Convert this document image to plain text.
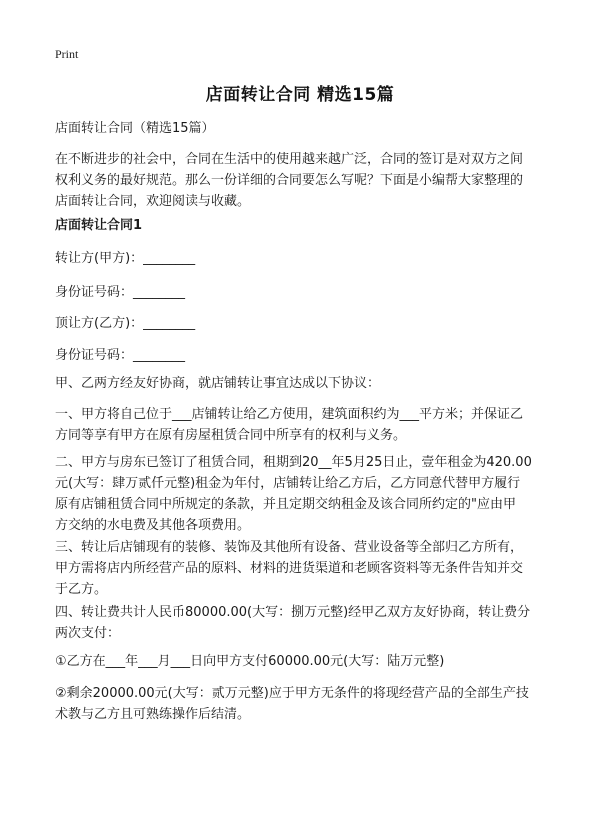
Print
店面转让合同 精选15篇
店面转让合同（精选15篇）
在不断进步的社会中，合同在生活中的使用越来越广泛，合同的签订是对双方之间
权利义务的最好规范。那么一份详细的合同要怎么写呢？下面是小编帮大家整理的
店面转让合同，欢迎阅读与收藏。
店面转让合同1
转让方(甲方)：________
身份证号码：________
顶让方(乙方)：________
身份证号码：________
甲、乙两方经友好协商，就店铺转让事宜达成以下协议：
一、甲方将自己位于___店铺转让给乙方使用，建筑面积约为___平方米；并保证乙
方同等享有甲方在原有房屋租赁合同中所享有的权利与义务。
二、甲方与房东已签订了租赁合同，租期到20__年5月25日止，壹年租金为420.00
元(大写：肆万贰仟元整)租金为年付，店铺转让给乙方后，乙方同意代替甲方履行
原有店铺租赁合同中所规定的条款，并且定期交纳租金及该合同所约定的"应由甲
方交纳的水电费及其他各项费用。
三、转让后店铺现有的装修、装饰及其他所有设备、营业设备等全部归乙方所有，
甲方需将店内所经营产品的原料、材料的进货渠道和老顾客资料等无条件告知并交
于乙方。
四、转让费共计人民币80000.00(大写：捌万元整)经甲乙双方友好协商，转让费分
两次支付：
①乙方在___年___月___日向甲方支付60000.00元(大写：陆万元整)
②剩余20000.00元(大写：贰万元整)应于甲方无条件的将现经营产品的全部生产技
术教与乙方且可熟练操作后结清。
